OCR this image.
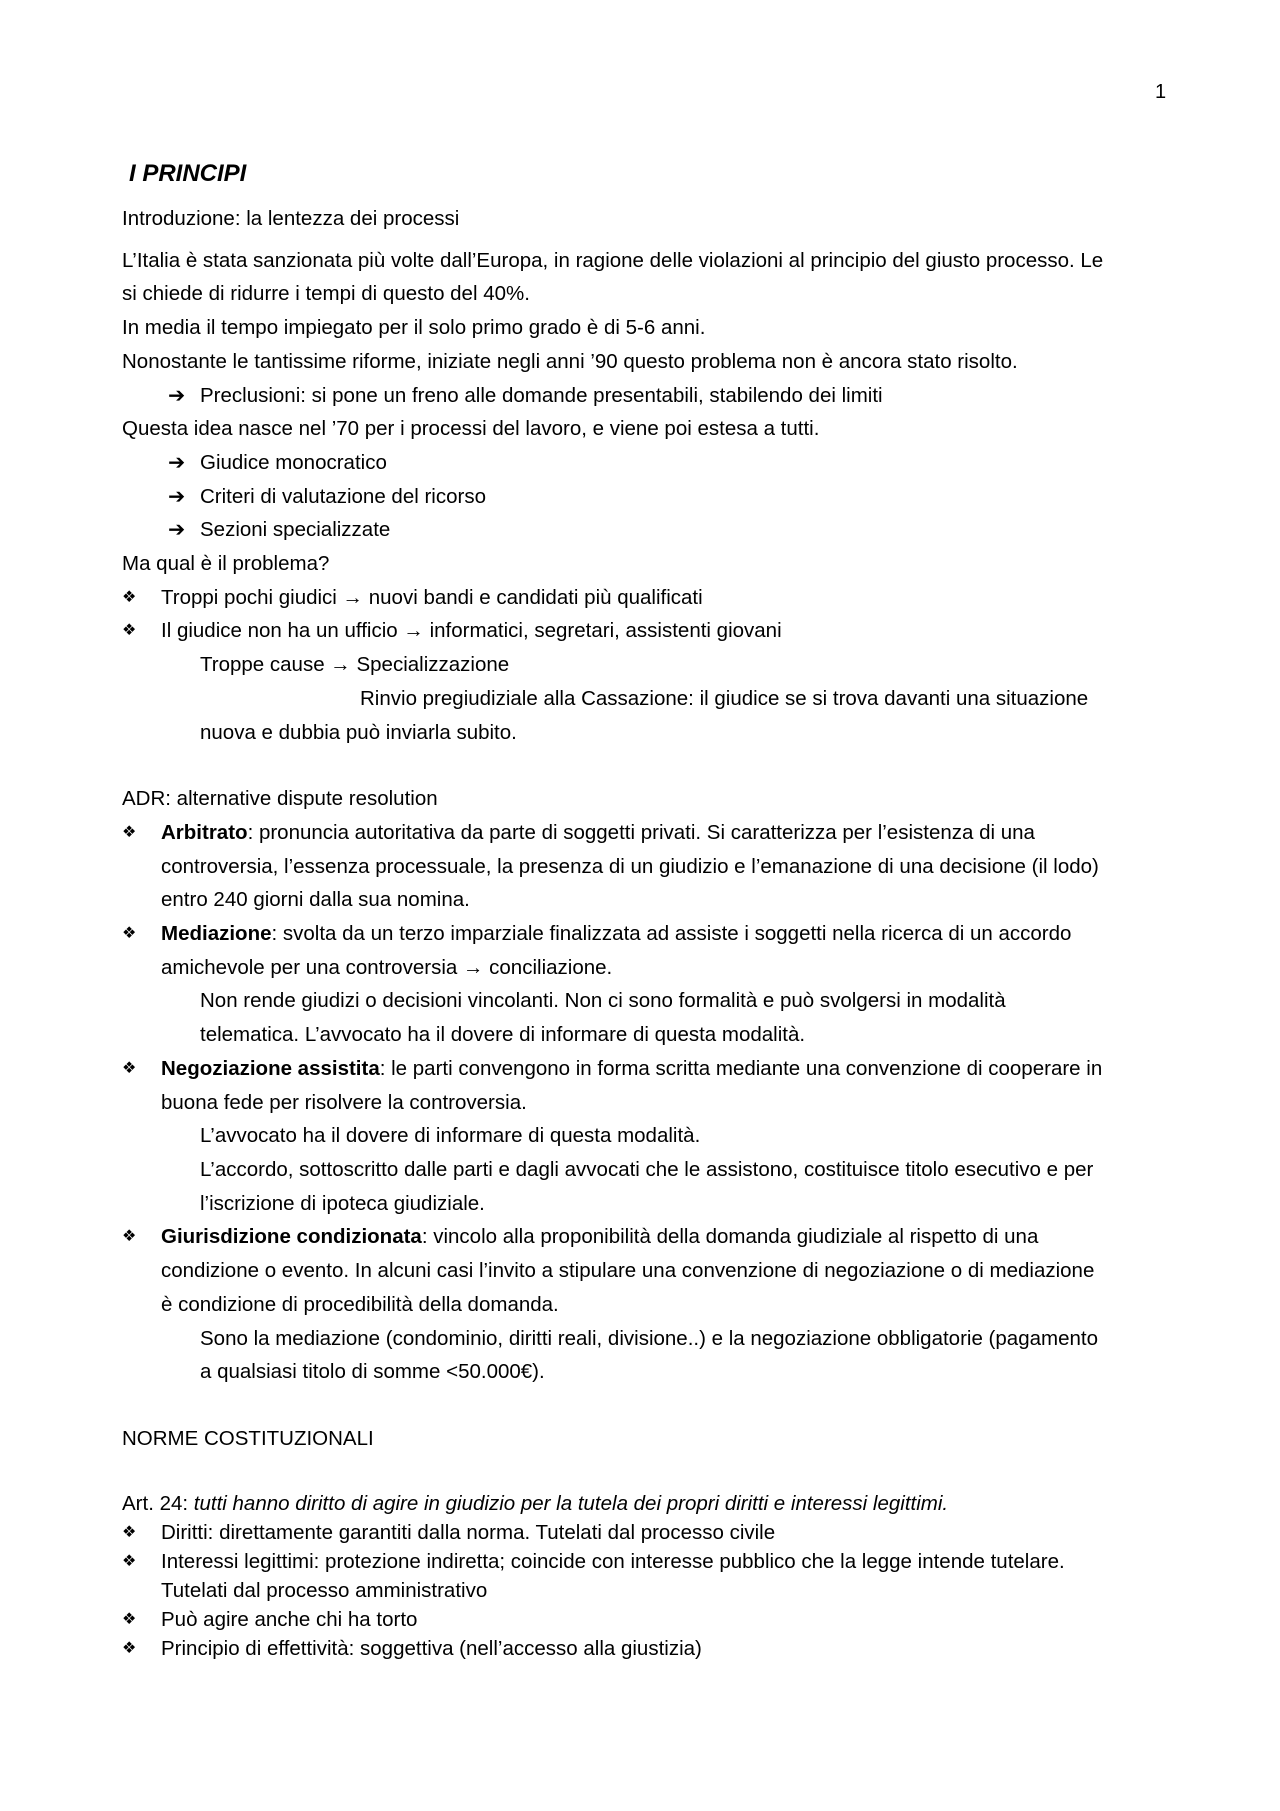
1
I PRINCIPI
Introduzione: la lentezza dei processi
L’Italia è stata sanzionata più volte dall’Europa, in ragione delle violazioni al principio del giusto processo. Le
si chiede di ridurre i tempi di questo del 40%.
In media il tempo impiegato per il solo primo grado è di 5-6 anni.
Nonostante le tantissime riforme, iniziate negli anni ’90 questo problema non è ancora stato risolto.
➔ Preclusioni: si pone un freno alle domande presentabili, stabilendo dei limiti
Questa idea nasce nel ’70 per i processi del lavoro, e viene poi estesa a tutti.
➔ Giudice monocratico
➔ Criteri di valutazione del ricorso
➔ Sezioni specializzate
Ma qual è il problema?
❖	Troppi pochi giudici → nuovi bandi e candidati più qualificati
❖	Il giudice non ha un ufficio → informatici, segretari, assistenti giovani
Troppe cause → Specializzazione
Rinvio pregiudiziale alla Cassazione: il giudice se si trova davanti una situazione
nuova e dubbia può inviarla subito.
ADR: alternative dispute resolution
❖	Arbitrato: pronuncia autoritativa da parte di soggetti privati. Si caratterizza per l’esistenza di una
controversia, l’essenza processuale, la presenza di un giudizio e l’emanazione di una decisione (il lodo)
entro 240 giorni dalla sua nomina.
❖	Mediazione: svolta da un terzo imparziale finalizzata ad assiste i soggetti nella ricerca di un accordo
amichevole per una controversia → conciliazione.
Non rende giudizi o decisioni vincolanti. Non ci sono formalità e può svolgersi in modalità
telematica. L’avvocato ha il dovere di informare di questa modalità.
❖	Negoziazione assistita: le parti convengono in forma scritta mediante una convenzione di cooperare in
buona fede per risolvere la controversia.
L’avvocato ha il dovere di informare di questa modalità.
L’accordo, sottoscritto dalle parti e dagli avvocati che le assistono, costituisce titolo esecutivo e per
l’iscrizione di ipoteca giudiziale.
❖	Giurisdizione condizionata: vincolo alla proponibilità della domanda giudiziale al rispetto di una
condizione o evento. In alcuni casi l’invito a stipulare una convenzione di negoziazione o di mediazione
è condizione di procedibilità della domanda.
Sono la mediazione (condominio, diritti reali, divisione..) e la negoziazione obbligatorie (pagamento
a qualsiasi titolo di somme <50.000€).
NORME COSTITUZIONALI
Art. 24: tutti hanno diritto di agire in giudizio per la tutela dei propri diritti e interessi legittimi.
❖	Diritti: direttamente garantiti dalla norma. Tutelati dal processo civile
❖	Interessi legittimi: protezione indiretta; coincide con interesse pubblico che la legge intende tutelare.
Tutelati dal processo amministrativo
❖	Può agire anche chi ha torto
❖	Principio di effettività: soggettiva (nell’accesso alla giustizia)
